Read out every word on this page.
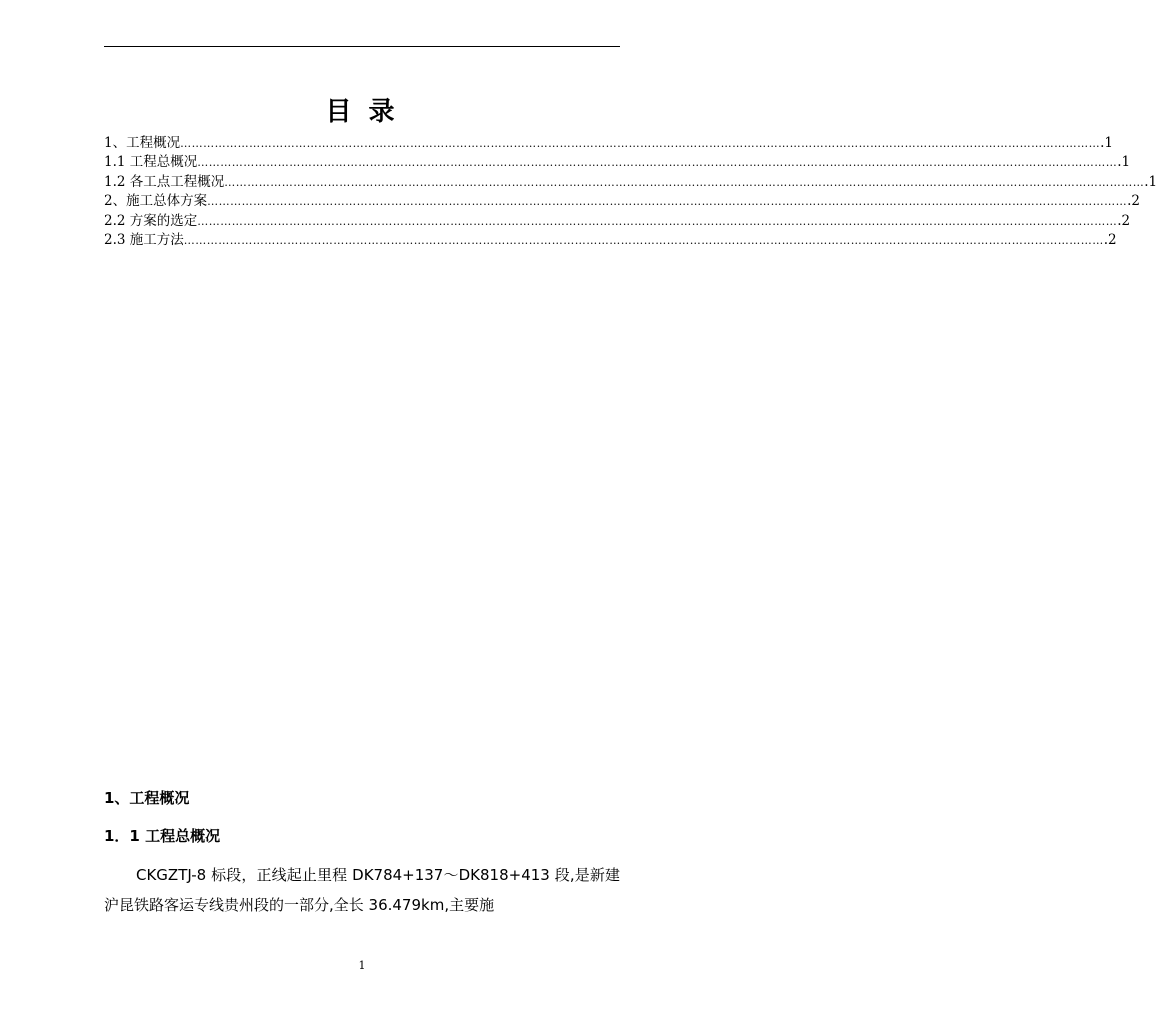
目 录
1、工程概况 …………………………………………………………………………………………………………………………………………………………………………………………………………………… .1
1.1 工程总概况 …………………………………………………………………………………………………………………………………………………………………………………………………………………… .1
1.2 各工点工程概况 …………………………………………………………………………………………………………………………………………………………………………………………………………………… .1
2、施工总体方案 …………………………………………………………………………………………………………………………………………………………………………………………………………………… .2
2.2 方案的选定 …………………………………………………………………………………………………………………………………………………………………………………………………………………… .2
2.3 施工方法 …………………………………………………………………………………………………………………………………………………………………………………………………………………… .2
1、工程概况
1．1 工程总概况

CKGZTJ-8 标段，正线起止里程 DK784+137～DK818+413 段,是新建沪昆铁路客运专线贵州段的一部分,全长 36.479km,主要施

1
